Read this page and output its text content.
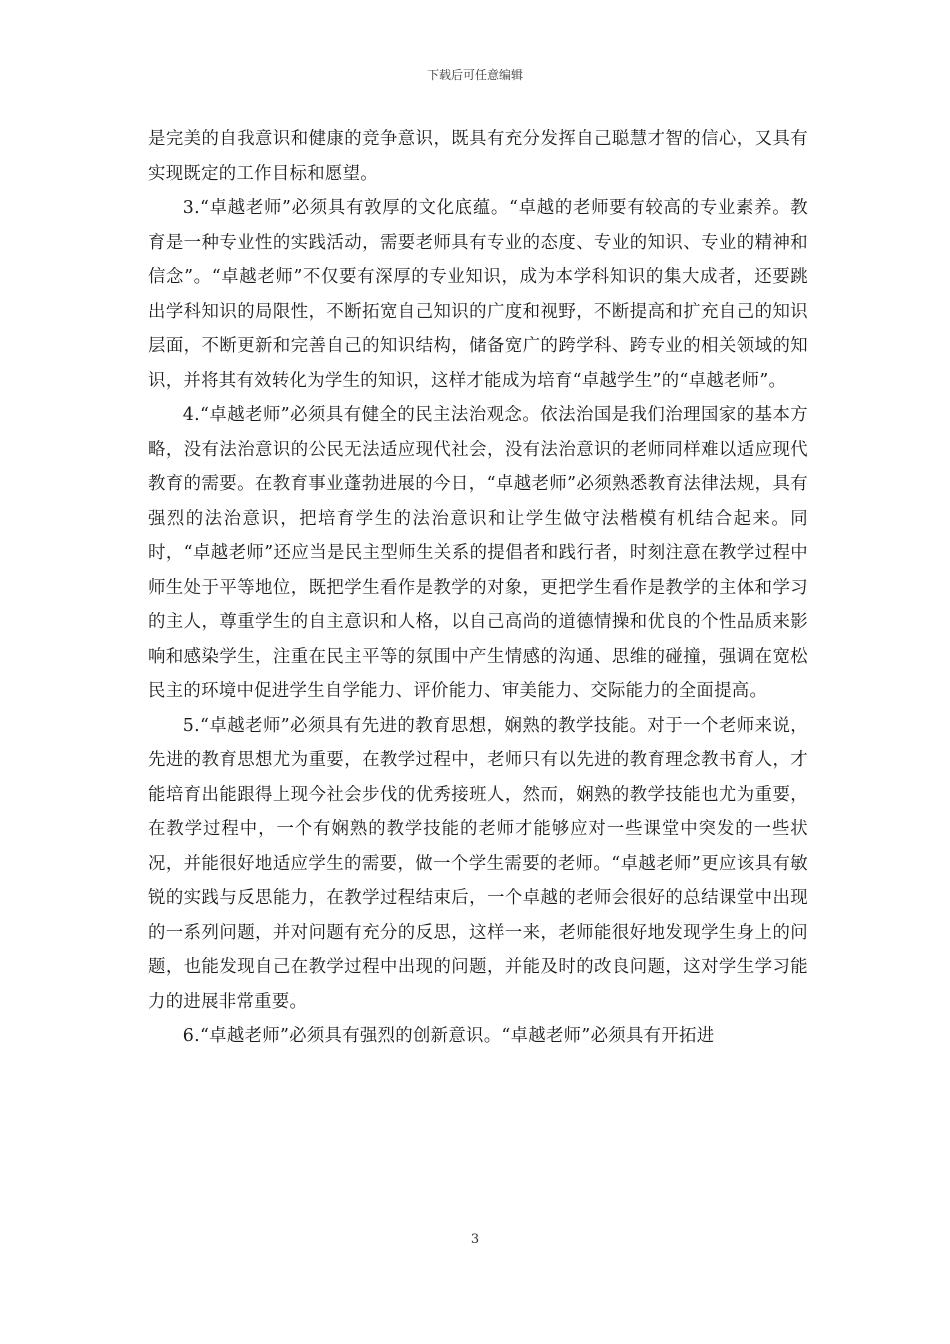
下载后可任意编辑

是完美的自我意识和健康的竞争意识，既具有充分发挥自己聪慧才智的信心，又具有实现既定的工作目标和愿望。

3.“卓越老师”必须具有敦厚的文化底蕴。“卓越的老师要有较高的专业素养。教育是一种专业性的实践活动，需要老师具有专业的态度、专业的知识、专业的精神和信念”。“卓越老师”不仅要有深厚的专业知识，成为本学科知识的集大成者，还要跳出学科知识的局限性，不断拓宽自己知识的广度和视野，不断提高和扩充自己的知识层面，不断更新和完善自己的知识结构，储备宽广的跨学科、跨专业的相关领域的知识，并将其有效转化为学生的知识，这样才能成为培育“卓越学生”的“卓越老师”。

4.“卓越老师”必须具有健全的民主法治观念。依法治国是我们治理国家的基本方略，没有法治意识的公民无法适应现代社会，没有法治意识的老师同样难以适应现代教育的需要。在教育事业蓬勃进展的今日，“卓越老师”必须熟悉教育法律法规，具有强烈的法治意识，把培育学生的法治意识和让学生做守法楷模有机结合起来。同时，“卓越老师”还应当是民主型师生关系的提倡者和践行者，时刻注意在教学过程中师生处于平等地位，既把学生看作是教学的对象，更把学生看作是教学的主体和学习的主人，尊重学生的自主意识和人格，以自己高尚的道德情操和优良的个性品质来影响和感染学生，注重在民主平等的氛围中产生情感的沟通、思维的碰撞，强调在宽松民主的环境中促进学生自学能力、评价能力、审美能力、交际能力的全面提高。

5.“卓越老师”必须具有先进的教育思想，娴熟的教学技能。对于一个老师来说，先进的教育思想尤为重要，在教学过程中，老师只有以先进的教育理念教书育人，才能培育出能跟得上现今社会步伐的优秀接班人，然而，娴熟的教学技能也尤为重要，在教学过程中，一个有娴熟的教学技能的老师才能够应对一些课堂中突发的一些状况，并能很好地适应学生的需要，做一个学生需要的老师。“卓越老师”更应该具有敏锐的实践与反思能力，在教学过程结束后，一个卓越的老师会很好的总结课堂中出现的一系列问题，并对问题有充分的反思，这样一来，老师能很好地发现学生身上的问题，也能发现自己在教学过程中出现的问题，并能及时的改良问题，这对学生学习能力的进展非常重要。

6.“卓越老师”必须具有强烈的创新意识。“卓越老师”必须具有开拓进

3
